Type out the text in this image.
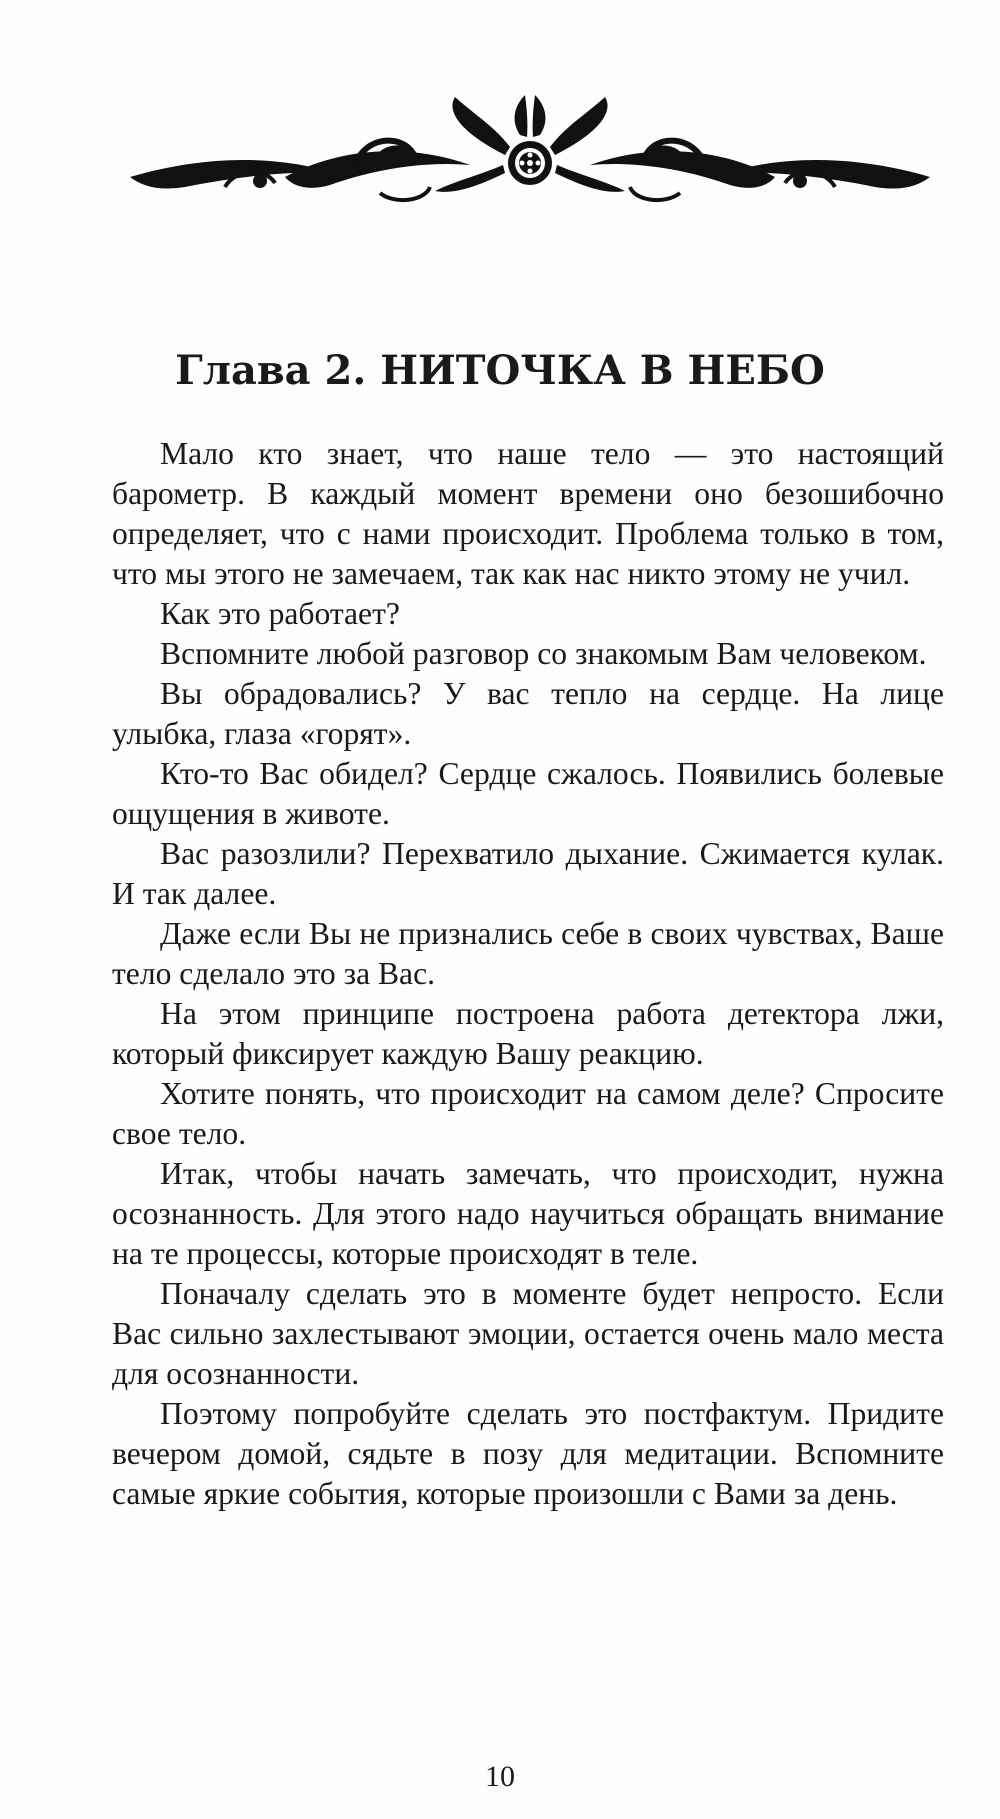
Глава 2. НИТОЧКА В НЕБО

Мало кто знает, что наше тело — это настоящий барометр. В каждый момент времени оно безошибочно определяет, что с нами происходит. Проблема только в том, что мы этого не замечаем, так как нас никто этому не учил.

Как это работает?

Вспомните любой разговор со знакомым Вам человеком.

Вы обрадовались? У вас тепло на сердце. На лице улыбка, глаза «горят».

Кто-то Вас обидел? Сердце сжалось. Появились болевые ощущения в животе.

Вас разозлили? Перехватило дыхание. Сжимается кулак. И так далее.

Даже если Вы не признались себе в своих чувствах, Ваше тело сделало это за Вас.

На этом принципе построена работа детектора лжи, который фиксирует каждую Вашу реакцию.

Хотите понять, что происходит на самом деле? Спросите свое тело.

Итак, чтобы начать замечать, что происходит, нужна осознанность. Для этого надо научиться обращать внимание на те процессы, которые происходят в теле.

Поначалу сделать это в моменте будет непросто. Если Вас сильно захлестывают эмоции, остается очень мало места для осознанности.

Поэтому попробуйте сделать это постфактум. Придите вечером домой, сядьте в позу для медитации. Вспомните самые яркие события, которые произошли с Вами за день.

10
